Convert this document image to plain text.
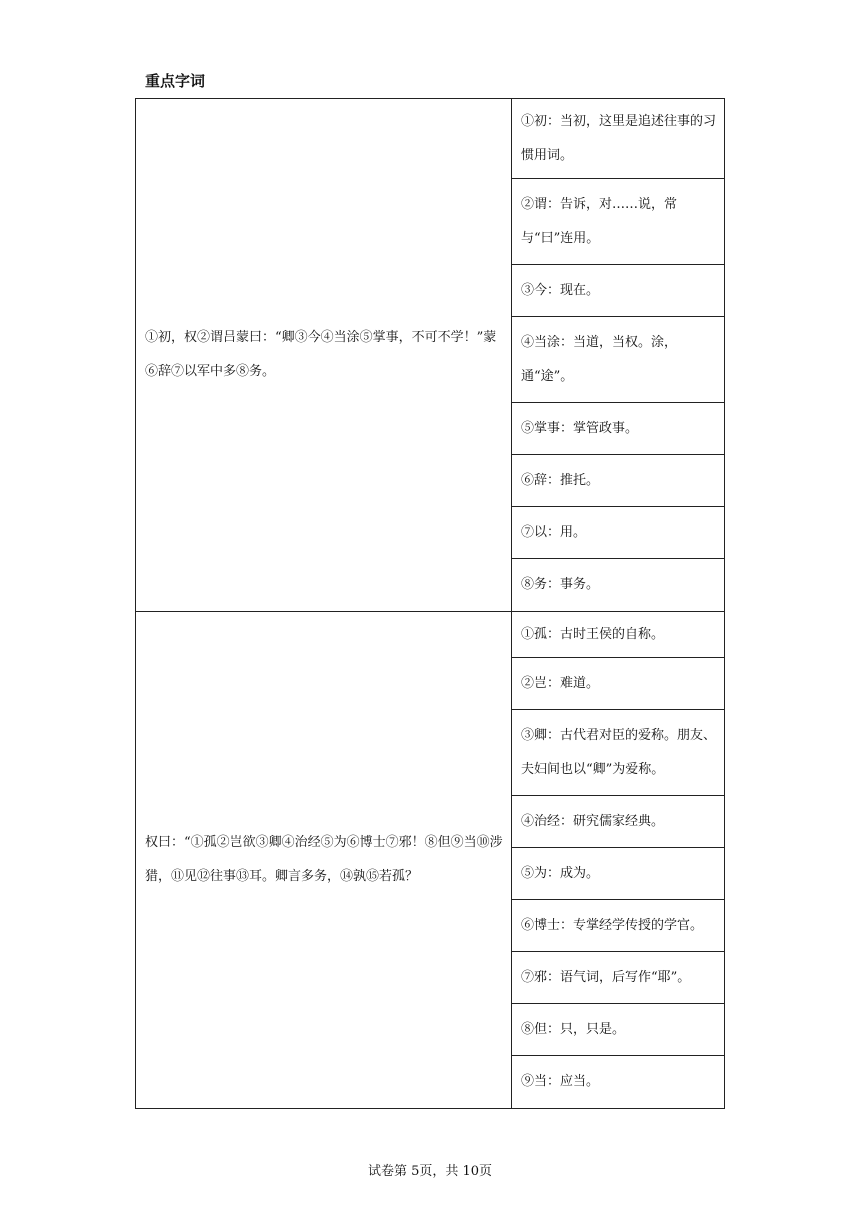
重点字词
①初，权②谓吕蒙曰：“卿③今④当涂⑤掌事，不可不学！”蒙⑥辞⑦以军中多⑧务。	①初：当初，这里是追述往事的习惯用词。
	②谓：告诉，对……说，常与“曰”连用。
	③今：现在。
	④当涂：当道，当权。涂，通“途”。
	⑤掌事：掌管政事。
	⑥辞：推托。
	⑦以：用。
	⑧务：事务。
权曰：“①孤②岂欲③卿④治经⑤为⑥博士⑦邪！⑧但⑨当⑩涉猎，⑪见⑫往事⑬耳。卿言多务，⑭孰⑮若孤？	①孤：古时王侯的自称。
	②岂：难道。
	③卿：古代君对臣的爱称。朋友、夫妇间也以“卿”为爱称。
	④治经：研究儒家经典。
	⑤为：成为。
	⑥博士：专掌经学传授的学官。
	⑦邪：语气词，后写作“耶”。
	⑧但：只，只是。
	⑨当：应当。
试卷第 5页，共 10页
